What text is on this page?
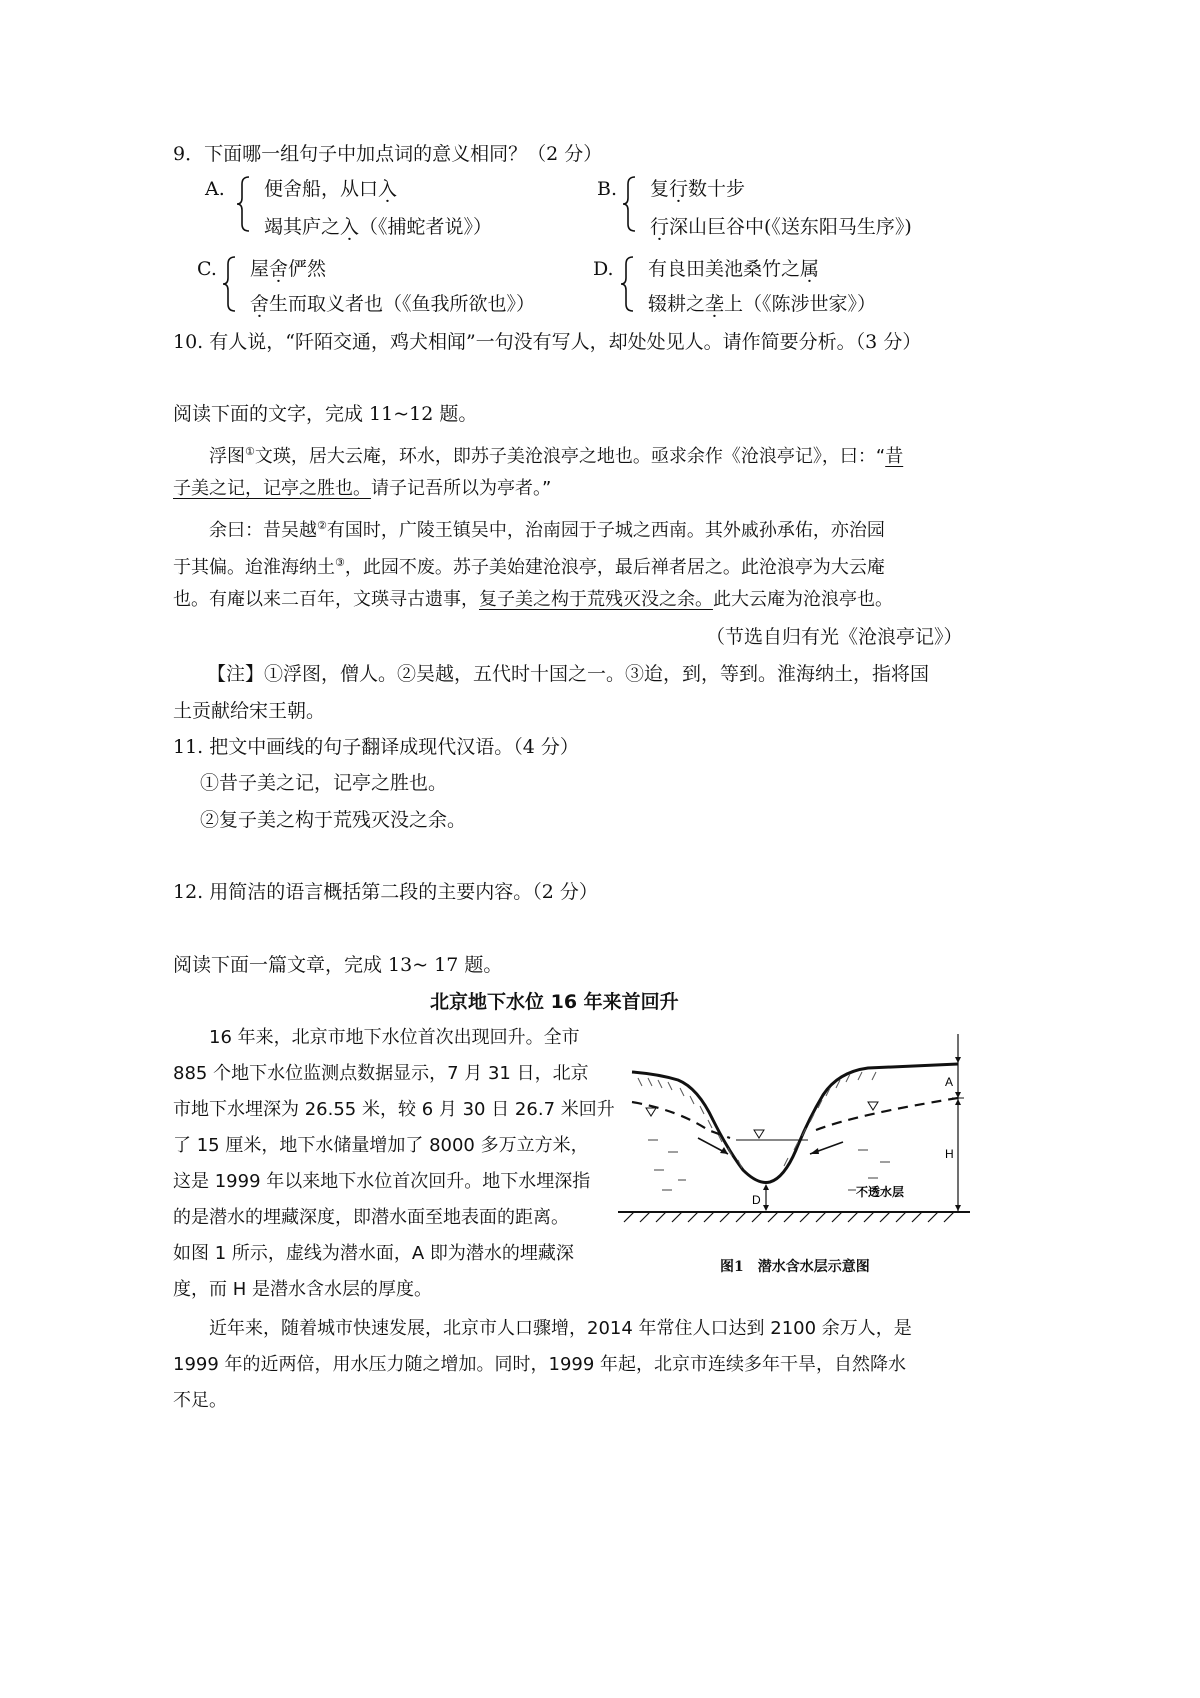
9．下面哪一组句子中加点词的意义相同？（2 分）
A. 便舍船，从口入
竭其庐之入（《捕蛇者说》）
B. 复行数十步
行深山巨谷中(《送东阳马生序》)
C. 屋舍俨然
舍生而取义者也（《鱼我所欲也》）
D. 有良田美池桑竹之属
辍耕之垄上（《陈涉世家》）
10. 有人说，“阡陌交通，鸡犬相闻”一句没有写人，却处处见人。请作简要分析。（3 分）
阅读下面的文字，完成 11~12 题。
浮图①文瑛，居大云庵，环水，即苏子美沧浪亭之地也。亟求余作《沧浪亭记》，曰：“昔
子美之记，记亭之胜也。请子记吾所以为亭者。”
余曰：昔吴越②有国时，广陵王镇吴中，治南园于子城之西南。其外戚孙承佑，亦治园
于其偏。迨淮海纳土③，此园不废。苏子美始建沧浪亭，最后禅者居之。此沧浪亭为大云庵
也。有庵以来二百年，文瑛寻古遗事，复子美之构于荒残灭没之余。此大云庵为沧浪亭也。
（节选自归有光《沧浪亭记》）
【注】①浮图，僧人。②吴越，五代时十国之一。③迨，到，等到。淮海纳土，指将国
土贡献给宋王朝。
11. 把文中画线的句子翻译成现代汉语。（4 分）
①昔子美之记，记亭之胜也。
②复子美之构于荒残灭没之余。
12. 用简洁的语言概括第二段的主要内容。（2 分）
阅读下面一篇文章，完成 13~ 17 题。
北京地下水位 16 年来首回升
16 年来，北京市地下水位首次出现回升。全市
885 个地下水位监测点数据显示，7 月 31 日，北京
市地下水埋深为 26.55 米，较 6 月 30 日 26.7 米回升
了 15 厘米，地下水储量增加了 8000 多万立方米，
这是 1999 年以来地下水位首次回升。地下水埋深指
的是潜水的埋藏深度，即潜水面至地表面的距离。
如图 1 所示，虚线为潜水面，A 即为潜水的埋藏深
度，而 H 是潜水含水层的厚度。
D
A
H
不透水层
图1　潜水含水层示意图
近年来，随着城市快速发展，北京市人口骤增，2014 年常住人口达到 2100 余万人，是
1999 年的近两倍，用水压力随之增加。同时，1999 年起，北京市连续多年干旱，自然降水
不足。
